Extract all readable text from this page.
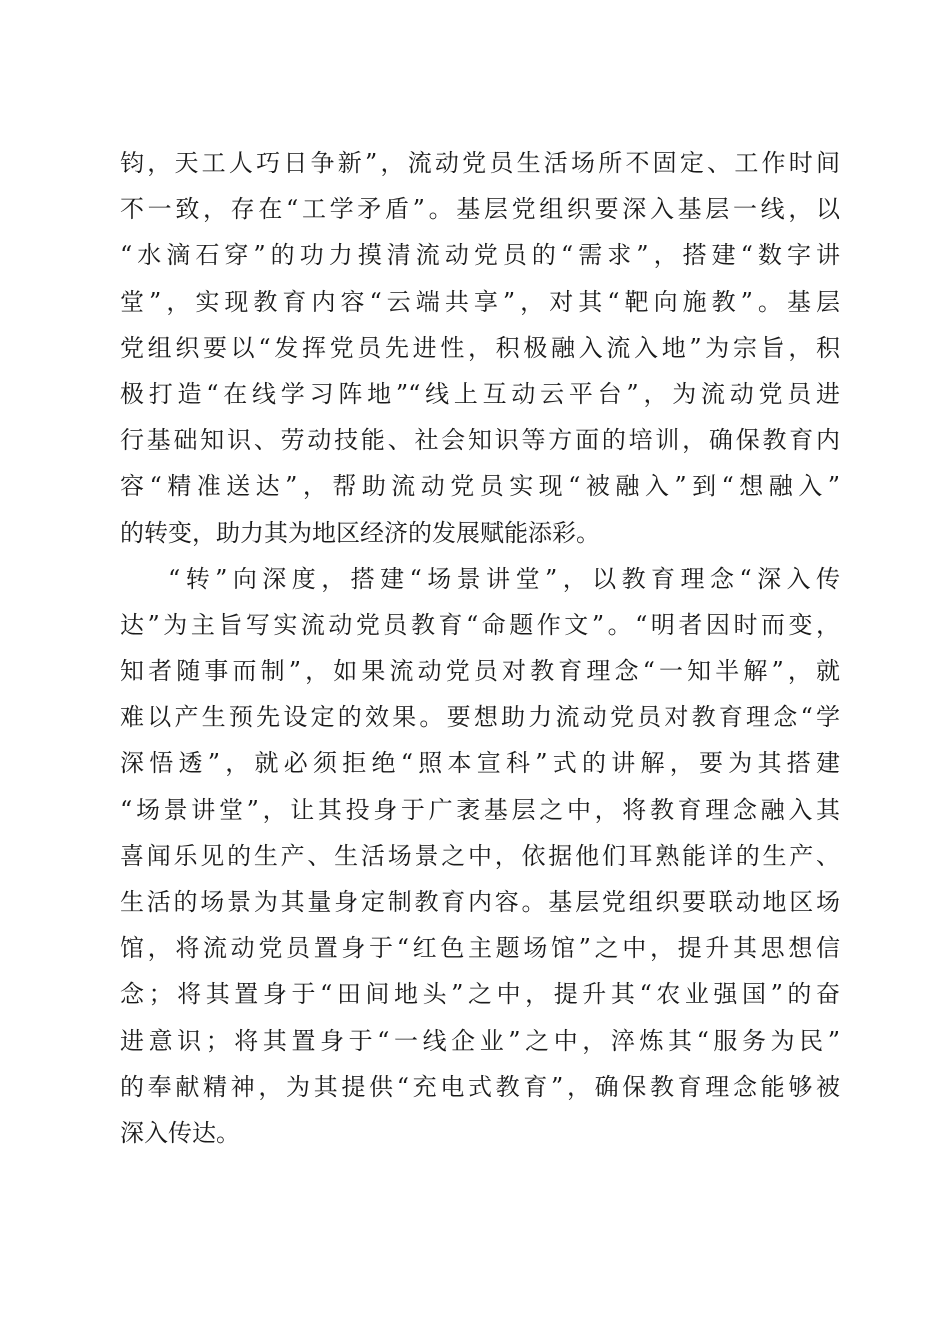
钧，天工人巧日争新”，流动党员生活场所不固定、工作时间
不一致，存在“工学矛盾”。基层党组织要深入基层一线，以
“水滴石穿”的功力摸清流动党员的“需求”，搭建“数字讲
堂”，实现教育内容“云端共享”，对其“靶向施教”。基层
党组织要以“发挥党员先进性，积极融入流入地”为宗旨，积
极打造“在线学习阵地”“线上互动云平台”，为流动党员进
行基础知识、劳动技能、社会知识等方面的培训，确保教育内
容“精准送达”，帮助流动党员实现“被融入”到“想融入”
的转变，助力其为地区经济的发展赋能添彩。
“转”向深度，搭建“场景讲堂”，以教育理念“深入传
达”为主旨写实流动党员教育“命题作文”。“明者因时而变，
知者随事而制”，如果流动党员对教育理念“一知半解”，就
难以产生预先设定的效果。要想助力流动党员对教育理念“学
深悟透”，就必须拒绝“照本宣科”式的讲解，要为其搭建
“场景讲堂”，让其投身于广袤基层之中，将教育理念融入其
喜闻乐见的生产、生活场景之中，依据他们耳熟能详的生产、
生活的场景为其量身定制教育内容。基层党组织要联动地区场
馆，将流动党员置身于“红色主题场馆”之中，提升其思想信
念；将其置身于“田间地头”之中，提升其“农业强国”的奋
进意识；将其置身于“一线企业”之中，淬炼其“服务为民”
的奉献精神，为其提供“充电式教育”，确保教育理念能够被
深入传达。
